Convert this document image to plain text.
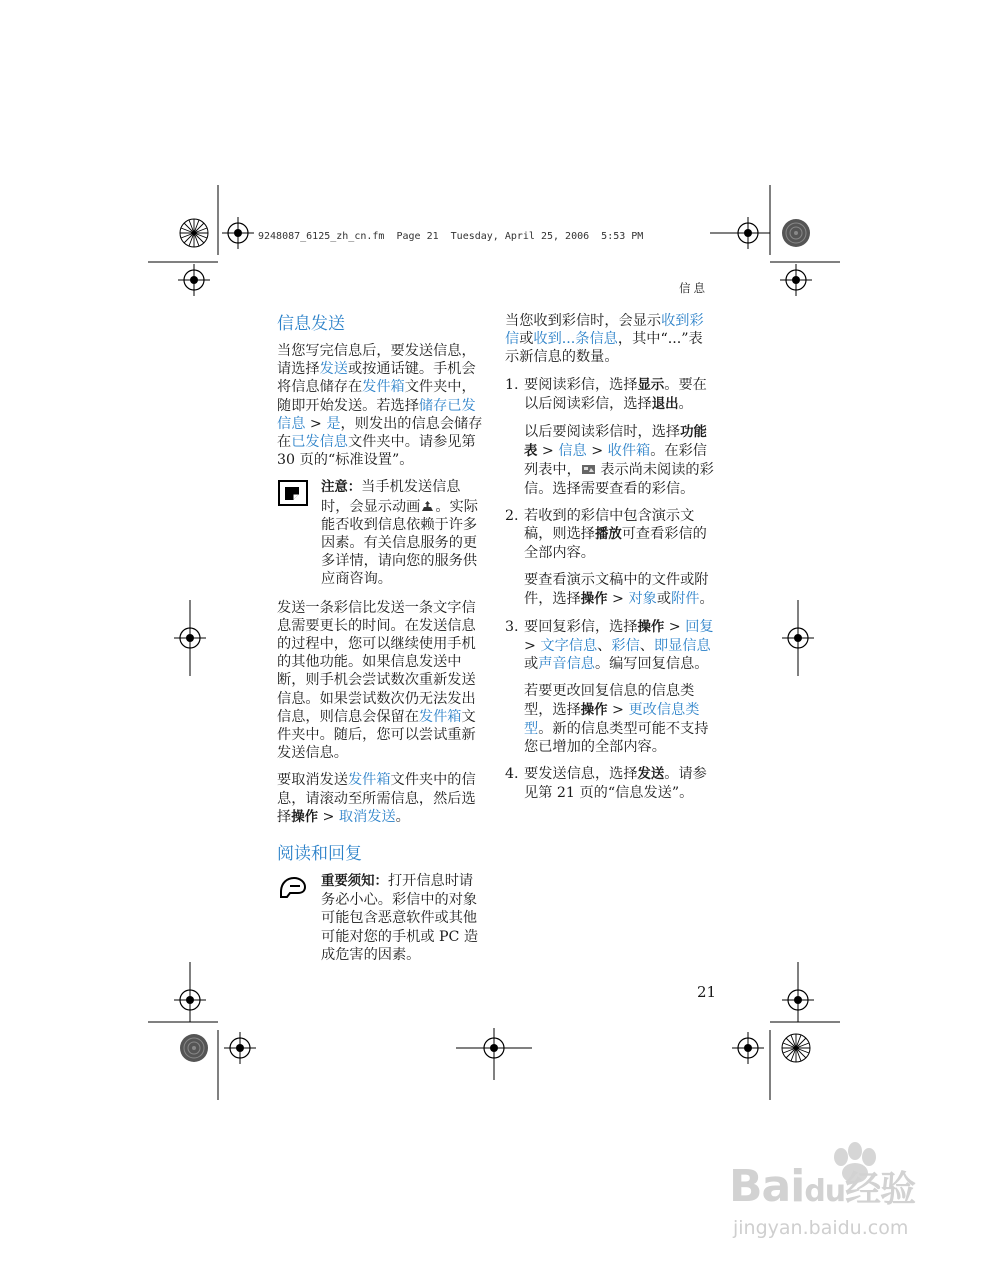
9248087_6125_zh_cn.fm  Page 21  Tuesday, April 25, 2006  5:53 PM
信息
信息发送

当您写完信息后，要发送信息，请选择发送或按通话键。手机会将信息储存在发件箱文件夹中，随即开始发送。若选择储存已发信息 > 是，则发出的信息会储存在已发信息文件夹中。请参见第 30 页的“标准设置”。

注意：当手机发送信息时，会显示动画 。实际能否收到信息依赖于许多因素。有关信息服务的更多详情，请向您的服务供应商咨询。

发送一条彩信比发送一条文字信息需要更长的时间。在发送信息的过程中，您可以继续使用手机的其他功能。如果信息发送中断，则手机会尝试数次重新发送信息。如果尝试数次仍无法发出信息，则信息会保留在发件箱文件夹中。随后，您可以尝试重新发送信息。

要取消发送发件箱文件夹中的信息，请滚动至所需信息，然后选择操作 > 取消发送。

阅读和回复
重要须知：打开信息时请务必小心。彩信中的对象可能包含恶意软件或其他可能对您的手机或 PC 造成危害的因素。

当您收到彩信时，会显示收到彩信或收到...条信息，其中“...”表示新信息的数量。

1. 要阅读彩信，选择显示。要在以后阅读彩信，选择退出。

以后要阅读彩信时，选择功能表 > 信息 > 收件箱。在彩信列表中， 表示尚未阅读的彩信。选择需要查看的彩信。

2. 若收到的彩信中包含演示文稿，则选择播放可查看彩信的全部内容。

要查看演示文稿中的文件或附件，选择操作 > 对象或附件。

3. 要回复彩信，选择操作 > 回复 > 文字信息、彩信、即显信息或声音信息。编写回复信息。

若要更改回复信息的信息类型，选择操作 > 更改信息类型。新的信息类型可能不支持您已增加的全部内容。

4. 要发送信息，选择发送。请参见第 21 页的“信息发送”。

21
Baidu经验
jingyan.baidu.com
